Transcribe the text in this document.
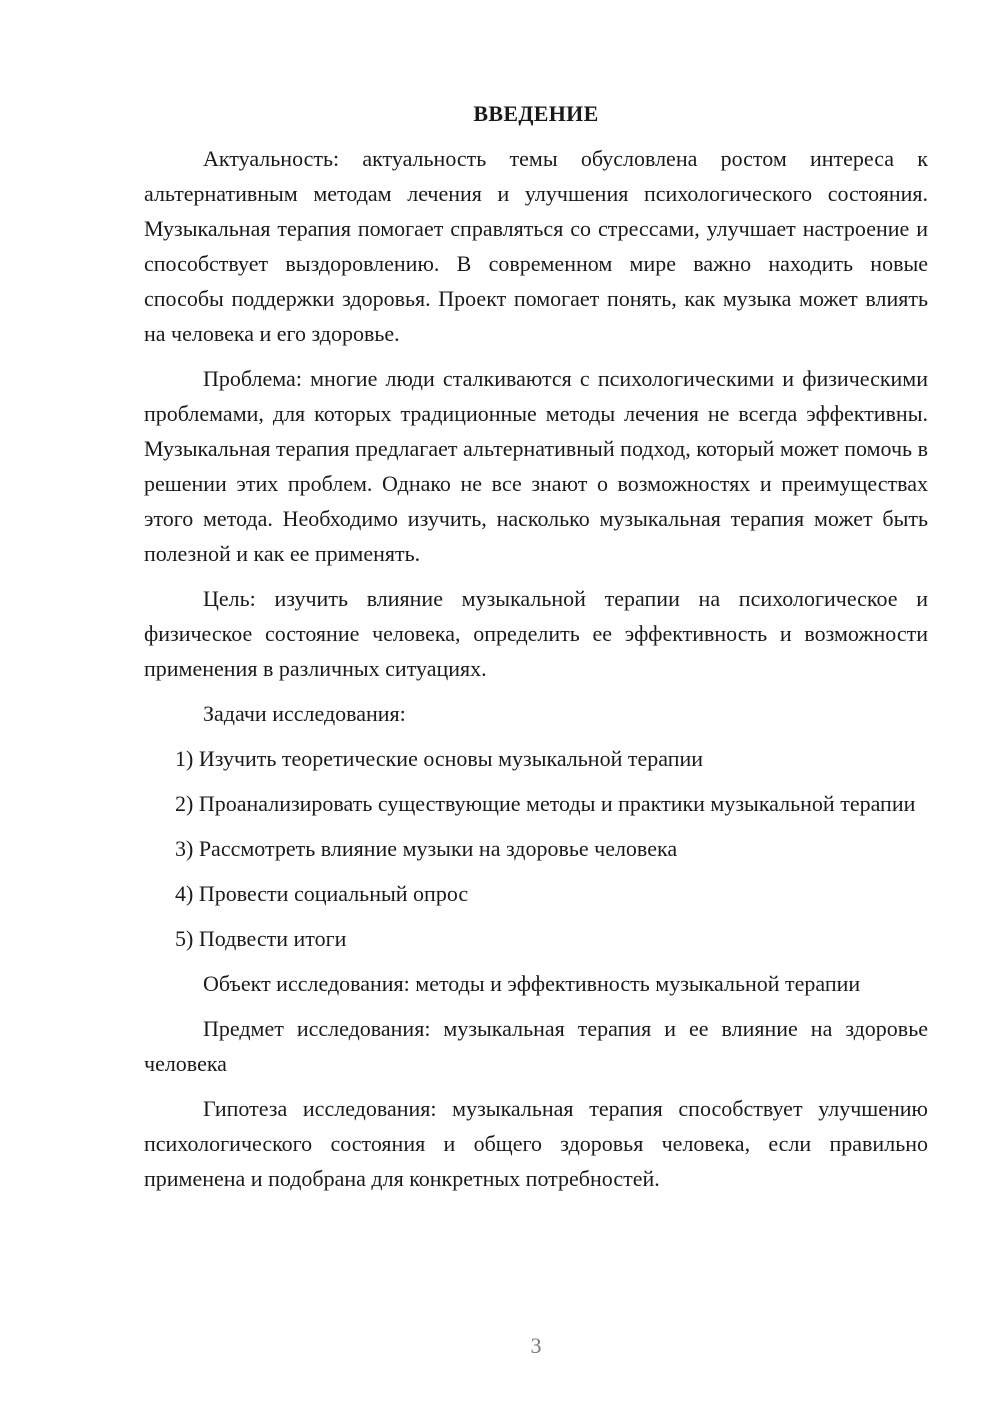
ВВЕДЕНИЕ

Актуальность: актуальность темы обусловлена ростом интереса к альтернативным методам лечения и улучшения психологического состояния. Музыкальная терапия помогает справляться со стрессами, улучшает настроение и способствует выздоровлению. В современном мире важно находить новые способы поддержки здоровья. Проект помогает понять, как музыка может влиять на человека и его здоровье.

Проблема: многие люди сталкиваются с психологическими и физическими проблемами, для которых традиционные методы лечения не всегда эффективны. Музыкальная терапия предлагает альтернативный подход, который может помочь в решении этих проблем. Однако не все знают о возможностях и преимуществах этого метода. Необходимо изучить, насколько музыкальная терапия может быть полезной и как ее применять.

Цель: изучить влияние музыкальной терапии на психологическое и физическое состояние человека, определить ее эффективность и возможности применения в различных ситуациях.

Задачи исследования:

1) Изучить теоретические основы музыкальной терапии

2) Проанализировать существующие методы и практики музыкальной терапии

3) Рассмотреть влияние музыки на здоровье человека

4) Провести социальный опрос

5) Подвести итоги

Объект исследования: методы и эффективность музыкальной терапии

Предмет исследования: музыкальная терапия и ее влияние на здоровье человека

Гипотеза исследования: музыкальная терапия способствует улучшению психологического состояния и общего здоровья человека, если правильно применена и подобрана для конкретных потребностей.

3
